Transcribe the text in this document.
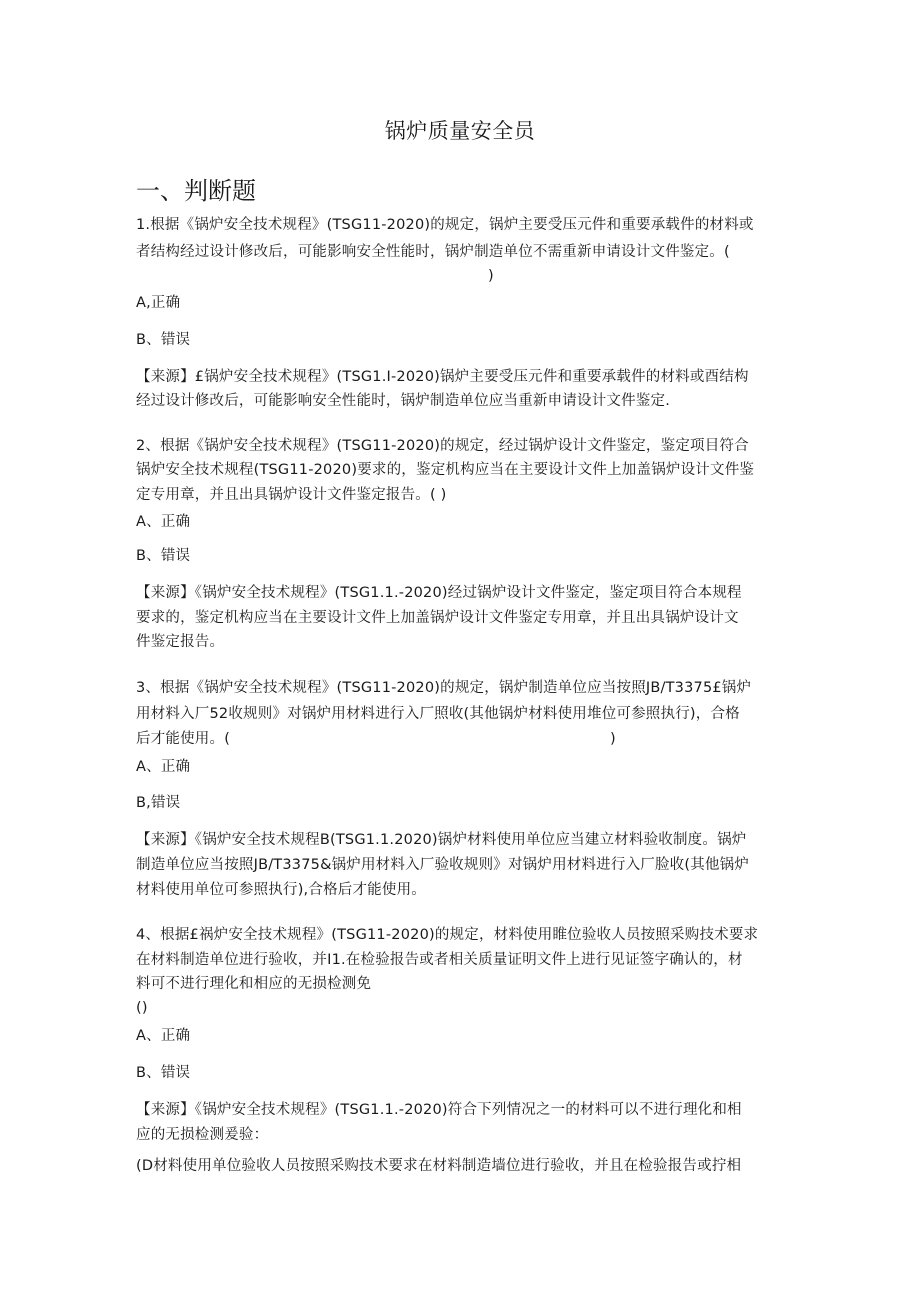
锅炉质量安全员
一、判断题
1.根据《锅炉安全技术规程》(TSG11-2020)的规定，锅炉主要受压元件和重要承载件的材料或
者结构经过设计修改后，可能影响安全性能时，锅炉制造单位不需重新申请设计文件鉴定。(
)
A,正确
B、错误
【来源】£锅炉安全技术规程》(TSG1.I-2020)锅炉主要受压元件和重要承载件的材料或酉结构
经过设计修改后，可能影响安全性能时，锅炉制造单位应当重新申请设计文件鉴定.
2、根据《锅炉安全技术规程》(TSG11-2020)的规定，经过锅炉设计文件鉴定，鉴定项目符合
锅炉安全技术规程(TSG11-2020)要求的，鉴定机构应当在主要设计文件上加盖锅炉设计文件鉴
定专用章，并且出具锅炉设计文件鉴定报告。( )
A、正确
B、错误
【来源】《锅炉安全技术规程》(TSG1.1.-2020)经过锅炉设计文件鉴定，鉴定项目符合本规程
要求的，鉴定机构应当在主要设计文件上加盖锅炉设计文件鉴定专用章，并且出具锅炉设计文
件鉴定报告。
3、根据《锅炉安全技术规程》(TSG11-2020)的规定，锅炉制造单位应当按照JB/T3375£锅炉
用材料入厂52收规则》对锅炉用材料进行入厂照收(其他锅炉材料使用堆位可参照执行)，合格
后才能使用。(	)
A、正确
B,错误
【来源】《锅炉安全技术规程B(TSG1.1.2020)锅炉材料使用单位应当建立材料验收制度。锅炉
制造单位应当按照JB/T3375&锅炉用材料入厂验收规则》对锅炉用材料进行入厂脸收(其他锅炉
材料使用单位可参照执行),合格后才能使用。
4、根据£祸炉安全技术规程》(TSG11-2020)的规定，材料使用睢位验收人员按照采购技术要求
在材料制造单位进行验收，并I1.在检验报告或者相关质量证明文件上进行见证签字确认的，材
料可不进行理化和相应的无损检测免
()
A、正确
B、错误
【来源】《锅炉安全技术规程》(TSG1.1.-2020)符合下列情况之一的材料可以不进行理化和相
应的无损检测爰验：
(D材料使用单位验收人员按照采购技术要求在材料制造墙位进行验收，并且在检验报告或拧相
